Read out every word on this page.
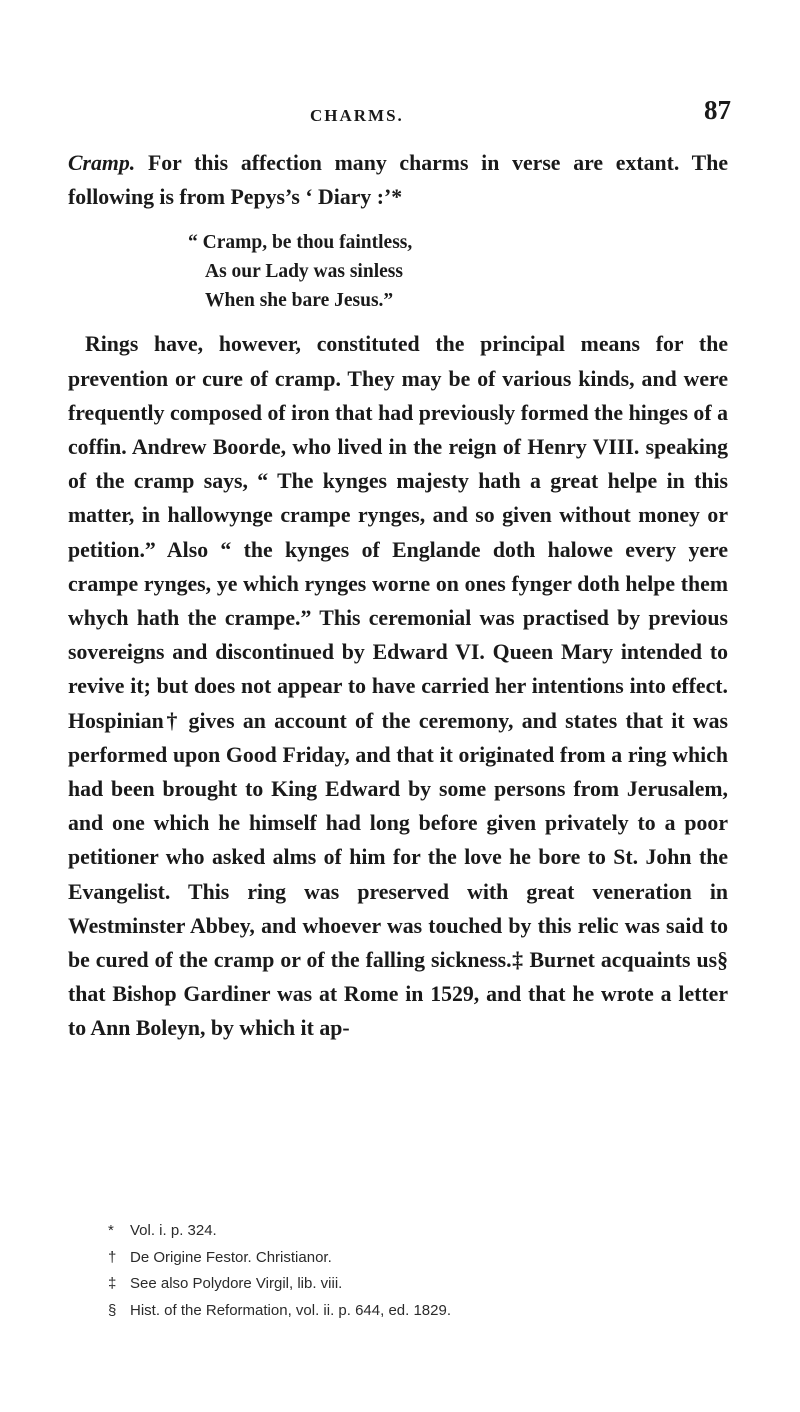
CHARMS.	87

Cramp. For this affection many charms in verse are extant. The following is from Pepys’s ‘ Diary :’*

“ Cramp, be thou faintless,
As our Lady was sinless
When she bare Jesus.”

Rings have, however, constituted the principal means for the prevention or cure of cramp. They may be of various kinds, and were frequently composed of iron that had previously formed the hinges of a coffin. Andrew Boorde, who lived in the reign of Henry VIII. speaking of the cramp says, “ The kynges majesty hath a great helpe in this matter, in hallowynge crampe rynges, and so given without money or petition.” Also “ the kynges of Englande doth halowe every yere crampe rynges, ye which rynges worne on ones fynger doth helpe them whych hath the crampe.” This ceremonial was practised by previous sovereigns and discontinued by Edward VI. Queen Mary intended to revive it; but does not appear to have carried her intentions into effect. Hospinian† gives an account of the ceremony, and states that it was performed upon Good Friday, and that it originated from a ring which had been brought to King Edward by some persons from Jerusalem, and one which he himself had long before given privately to a poor petitioner who asked alms of him for the love he bore to St. John the Evangelist. This ring was preserved with great veneration in Westminster Abbey, and whoever was touched by this relic was said to be cured of the cramp or of the falling sickness.‡ Burnet acquaints us§ that Bishop Gardiner was at Rome in 1529, and that he wrote a letter to Ann Boleyn, by which it ap-

* Vol. i. p. 324.
† De Origine Festor. Christianor.
‡ See also Polydore Virgil, lib. viii.
§ Hist. of the Reformation, vol. ii. p. 644, ed. 1829.
